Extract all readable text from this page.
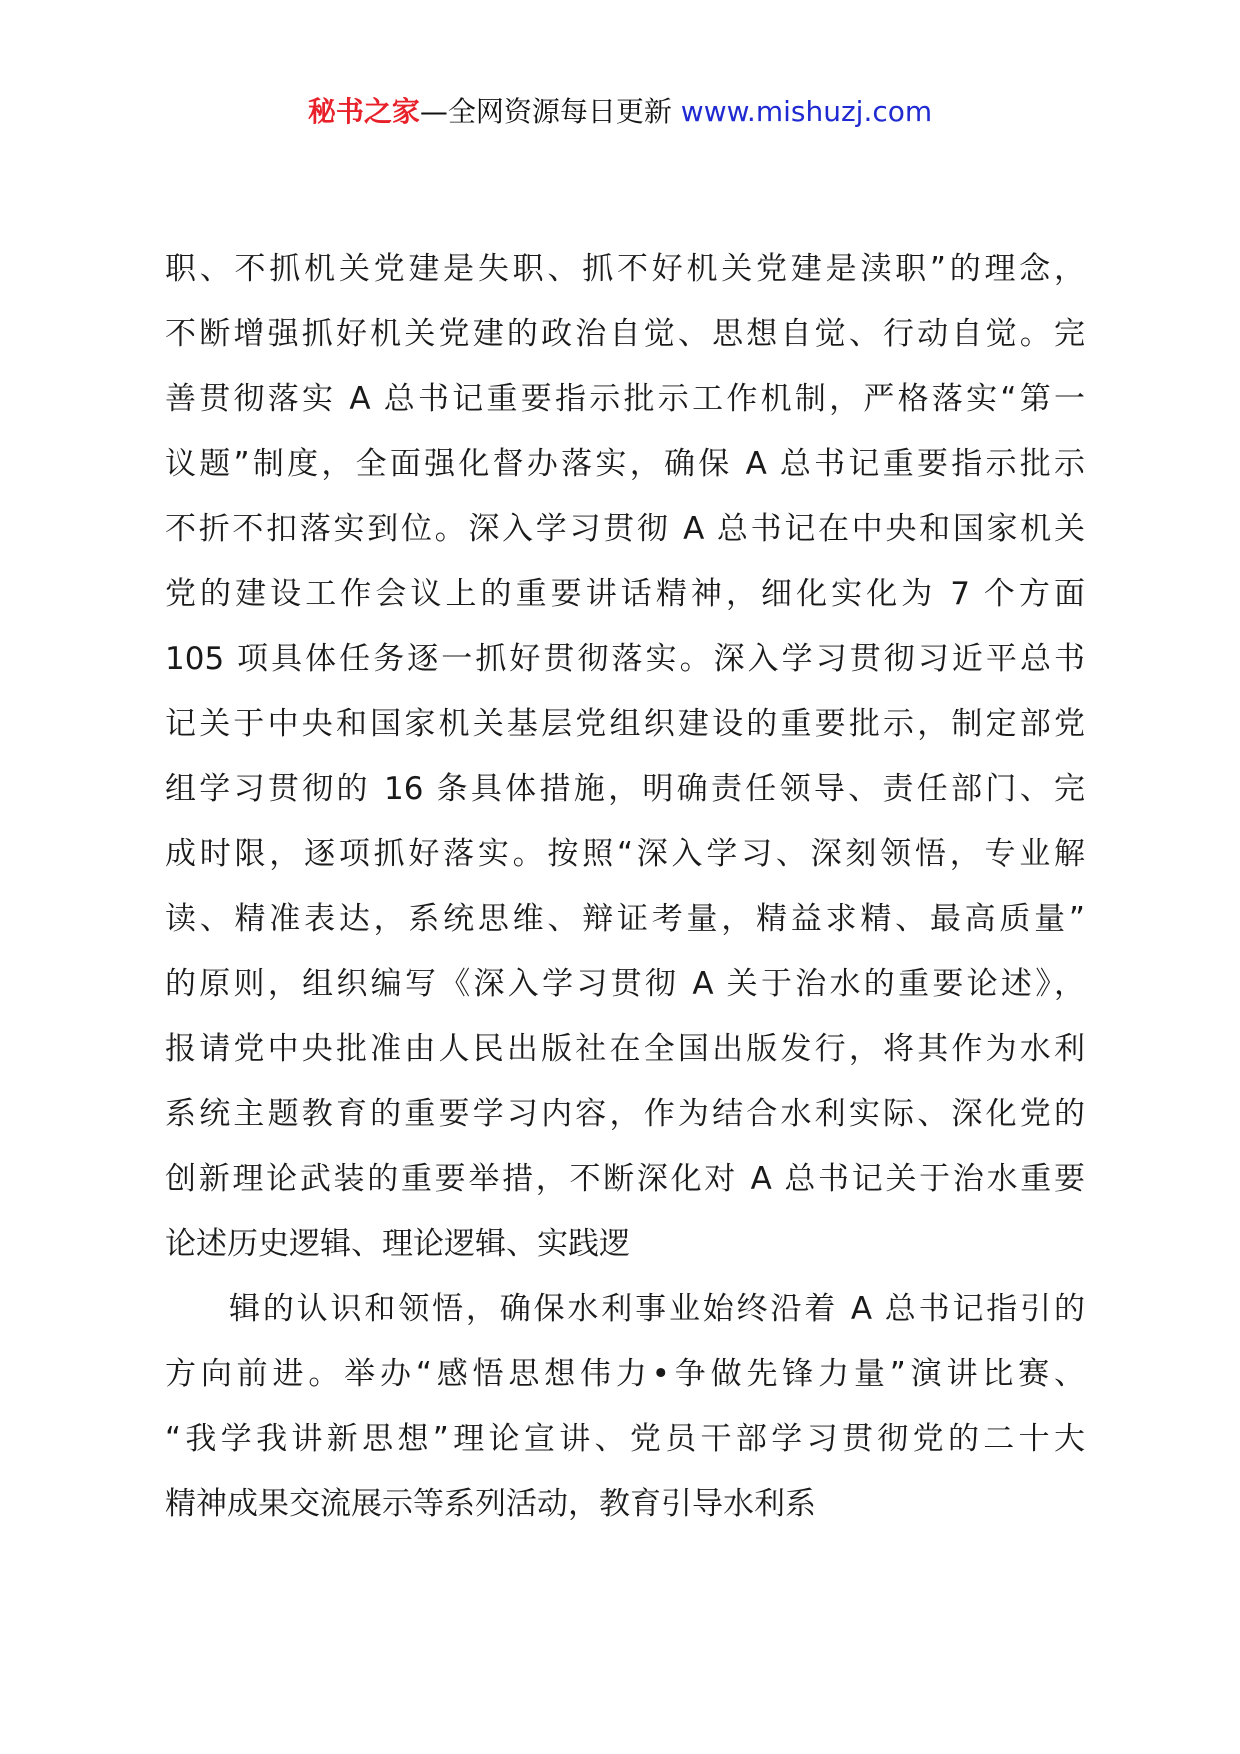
秘书之家—全网资源每日更新 www.mishuzj.com
职、不抓机关党建是失职、抓不好机关党建是渎职”的理念，
不断增强抓好机关党建的政治自觉、思想自觉、行动自觉。完
善贯彻落实 A 总书记重要指示批示工作机制，严格落实“第一
议题”制度，全面强化督办落实，确保 A 总书记重要指示批示
不折不扣落实到位。深入学习贯彻 A 总书记在中央和国家机关
党的建设工作会议上的重要讲话精神，细化实化为 7 个方面
105 项具体任务逐一抓好贯彻落实。深入学习贯彻习近平总书
记关于中央和国家机关基层党组织建设的重要批示，制定部党
组学习贯彻的 16 条具体措施，明确责任领导、责任部门、完
成时限，逐项抓好落实。按照“深入学习、深刻领悟，专业解
读、精准表达，系统思维、辩证考量，精益求精、最高质量”
的原则，组织编写《深入学习贯彻 A 关于治水的重要论述》，
报请党中央批准由人民出版社在全国出版发行，将其作为水利
系统主题教育的重要学习内容，作为结合水利实际、深化党的
创新理论武装的重要举措，不断深化对 A 总书记关于治水重要
论述历史逻辑、理论逻辑、实践逻
辑的认识和领悟，确保水利事业始终沿着 A 总书记指引的
方向前进。举办“感悟思想伟力•争做先锋力量”演讲比赛、
“我学我讲新思想”理论宣讲、党员干部学习贯彻党的二十大
精神成果交流展示等系列活动，教育引导水利系
